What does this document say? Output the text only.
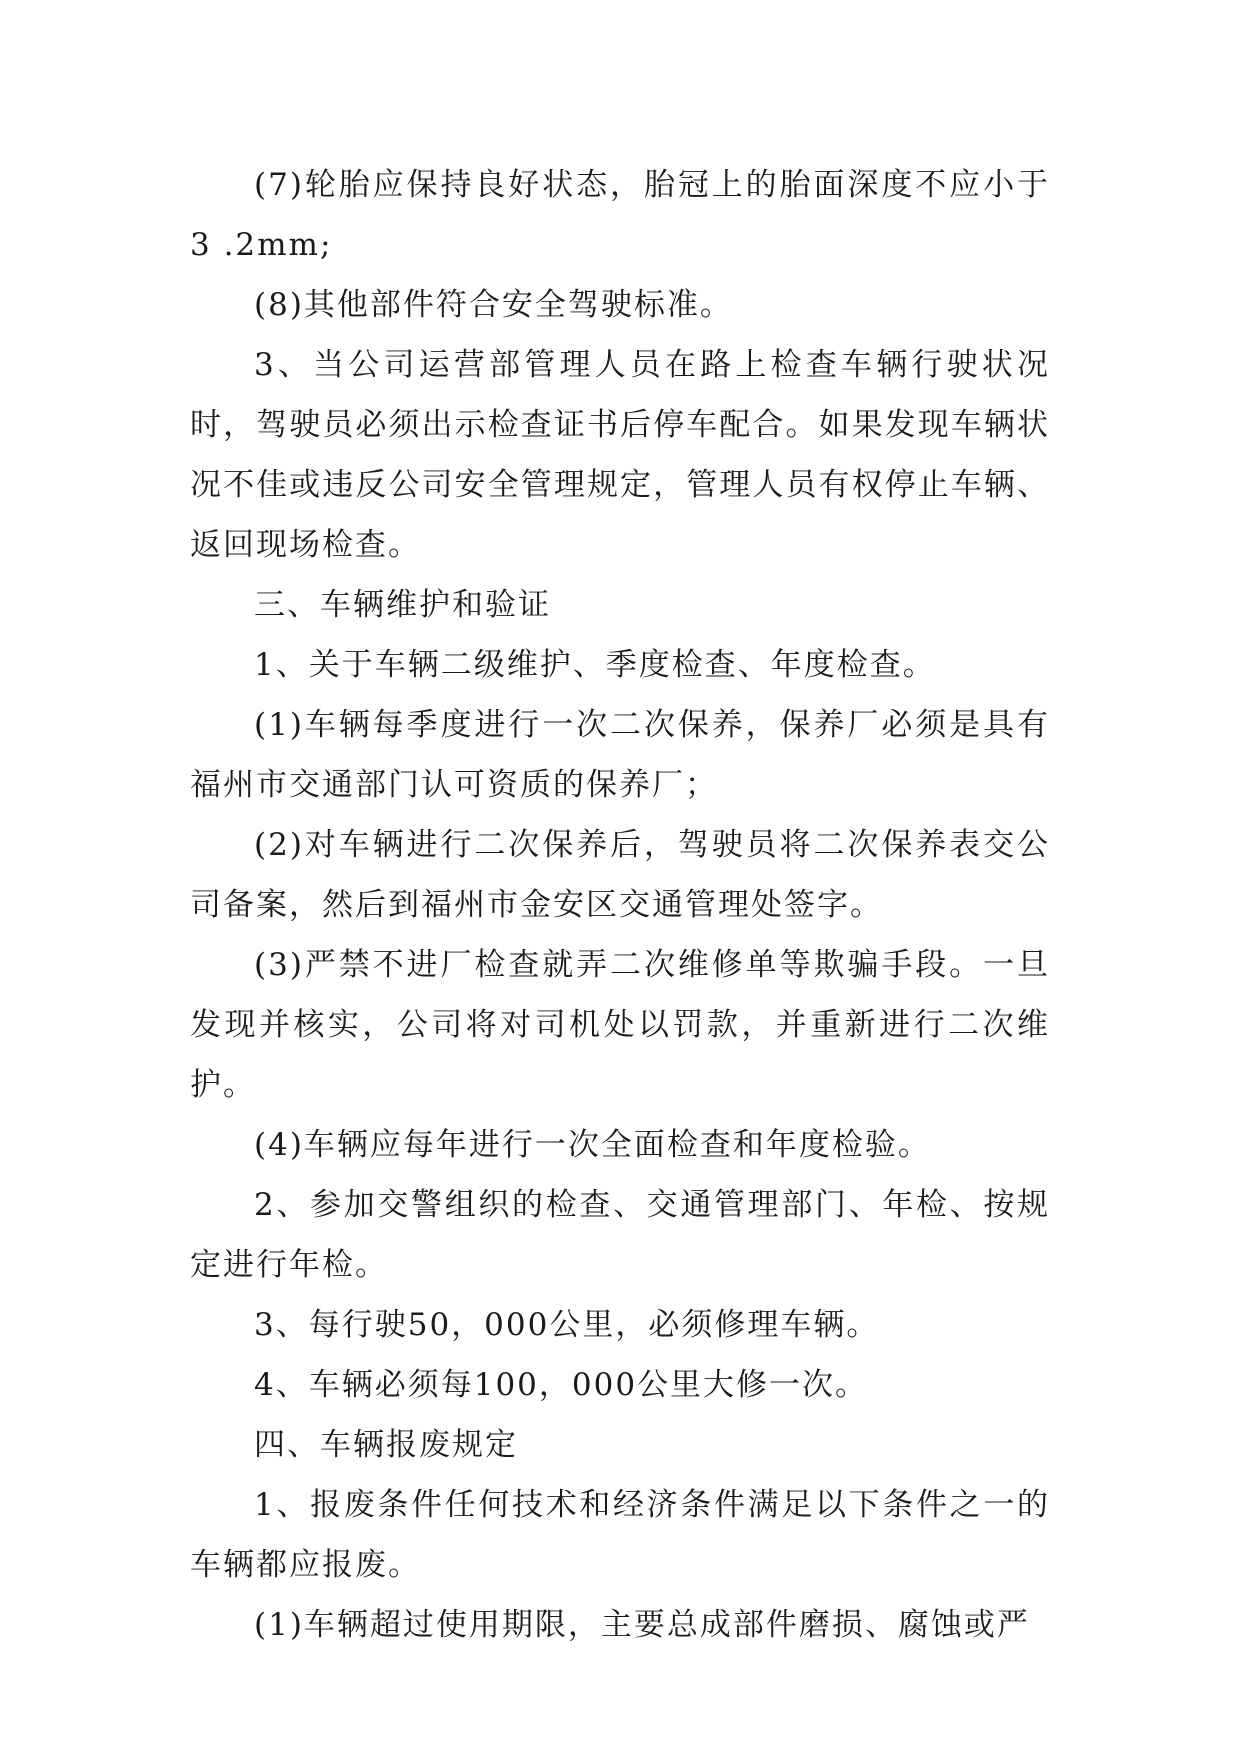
(7)轮胎应保持良好状态，胎冠上的胎面深度不应小于3 .2mm;

(8)其他部件符合安全驾驶标准。

3、当公司运营部管理人员在路上检查车辆行驶状况时，驾驶员必须出示检查证书后停车配合。如果发现车辆状况不佳或违反公司安全管理规定，管理人员有权停止车辆、返回现场检查。

三、车辆维护和验证

1、关于车辆二级维护、季度检查、年度检查。

(1)车辆每季度进行一次二次保养，保养厂必须是具有福州市交通部门认可资质的保养厂；

(2)对车辆进行二次保养后，驾驶员将二次保养表交公司备案，然后到福州市金安区交通管理处签字。

(3)严禁不进厂检查就弄二次维修单等欺骗手段。一旦发现并核实，公司将对司机处以罚款，并重新进行二次维护。

(4)车辆应每年进行一次全面检查和年度检验。

2、参加交警组织的检查、交通管理部门、年检、按规定进行年检。

3、每行驶50，000公里，必须修理车辆。

4、车辆必须每100，000公里大修一次。

四、车辆报废规定

1、报废条件任何技术和经济条件满足以下条件之一的车辆都应报废。

(1)车辆超过使用期限，主要总成部件磨损、腐蚀或严
